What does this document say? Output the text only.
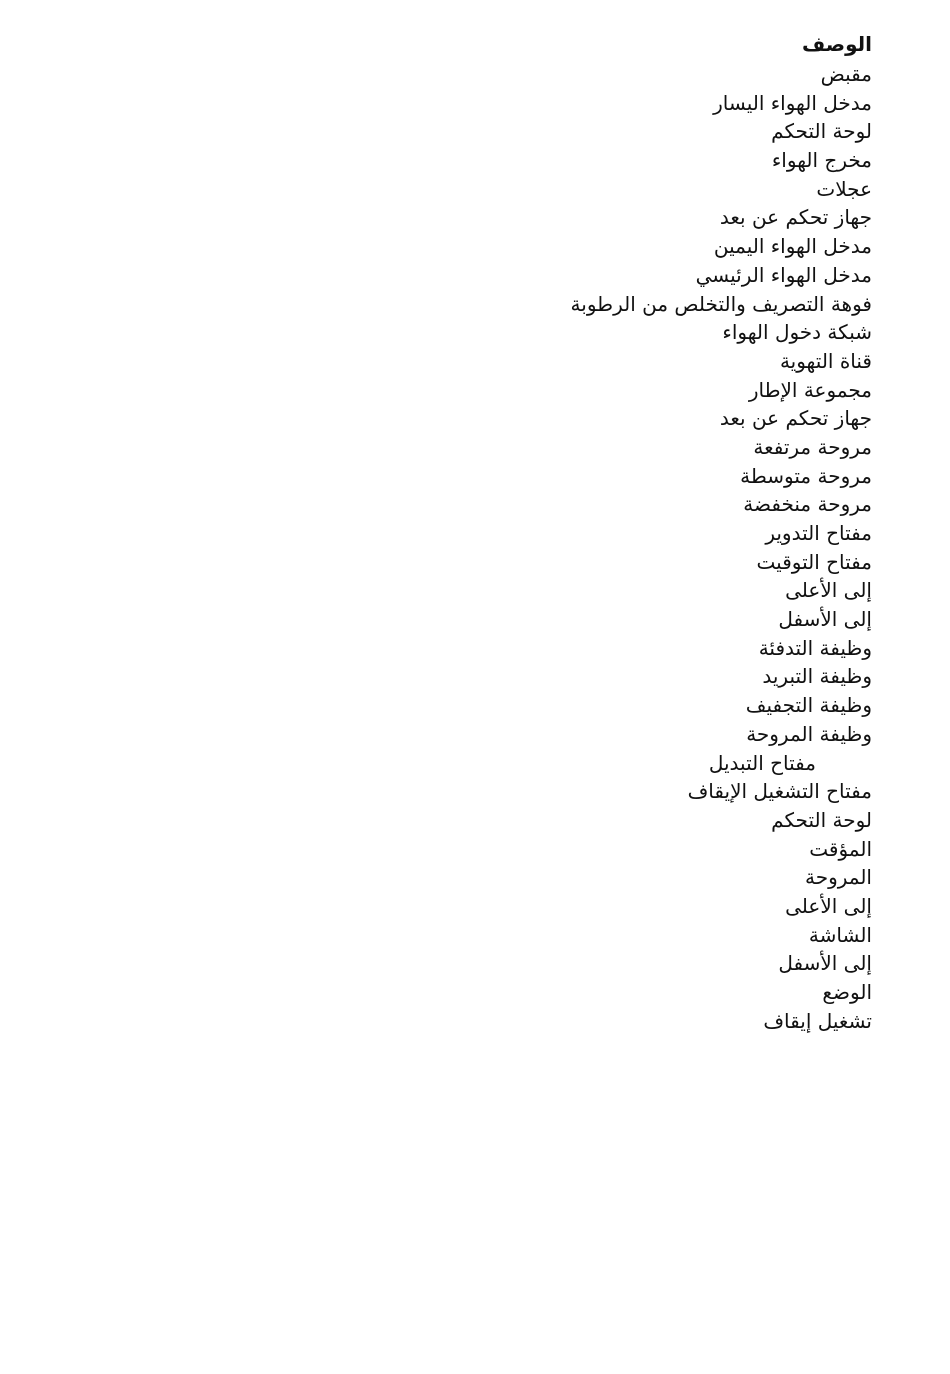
الوصف
مقبض
مدخل الهواء اليسار
لوحة التحكم
مخرج الهواء
عجلات
جهاز تحكم عن بعد
مدخل الهواء اليمين
مدخل الهواء الرئيسي
فوهة التصريف والتخلص من الرطوبة
شبكة دخول الهواء
قناة التهوية
مجموعة الإطار
جهاز تحكم عن بعد
مروحة مرتفعة
مروحة متوسطة
مروحة منخفضة
مفتاح التدوير
مفتاح التوقيت
إلى الأعلى
إلى الأسفل
وظيفة التدفئة
وظيفة التبريد
وظيفة التجفيف
وظيفة المروحة
مفتاح التبديل
مفتاح التشغيل الإيقاف
لوحة التحكم
المؤقت
المروحة
إلى الأعلى
الشاشة
إلى الأسفل
الوضع
تشغيل إيقاف
